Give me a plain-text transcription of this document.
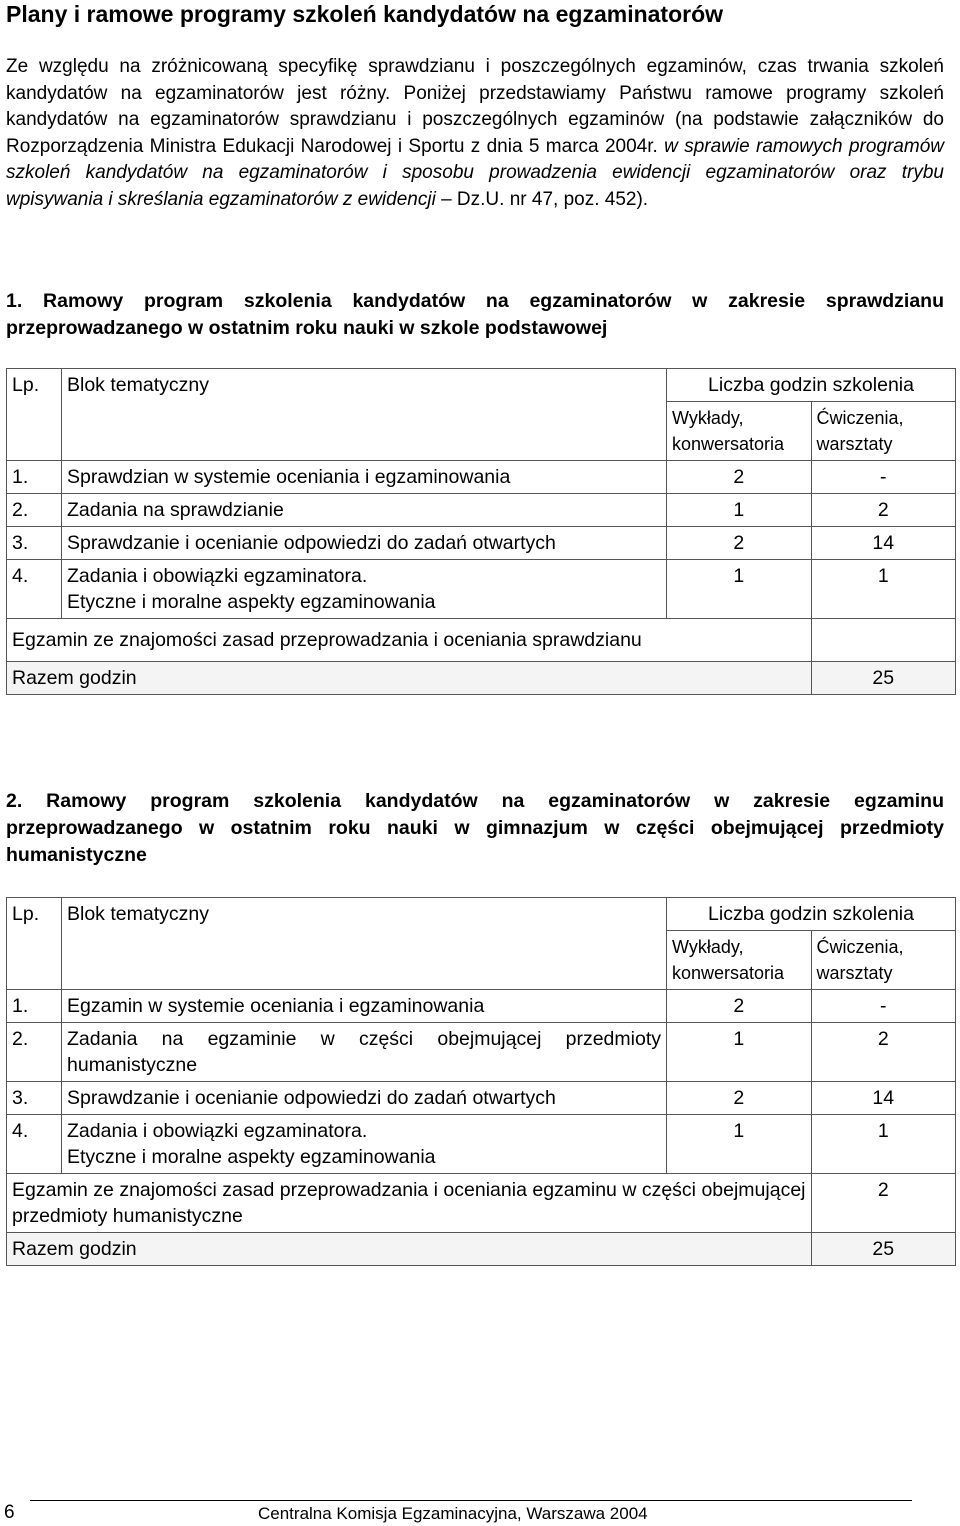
Plany i ramowe programy szkoleń kandydatów na egzaminatorów

Ze względu na zróżnicowaną specyfikę sprawdzianu i poszczególnych egzaminów, czas trwania szkoleń kandydatów na egzaminatorów jest różny. Poniżej przedstawiamy Państwu ramowe programy szkoleń kandydatów na egzaminatorów sprawdzianu i poszczególnych egzaminów (na podstawie załączników do Rozporządzenia Ministra Edukacji Narodowej i Sportu z dnia 5 marca 2004r. w sprawie ramowych programów szkoleń kandydatów na egzaminatorów i sposobu prowadzenia ewidencji egzaminatorów oraz trybu wpisywania i skreślania egzaminatorów z ewidencji – Dz.U. nr 47, poz. 452).

1. Ramowy program szkolenia kandydatów na egzaminatorów w zakresie sprawdzianu przeprowadzanego w ostatnim roku nauki w szkole podstawowej
Lp.	Blok tematyczny	Liczba godzin szkolenia	
		Wykłady, konwersatoria	Ćwiczenia, warsztaty
1.	Sprawdzian w systemie oceniania i egzaminowania	2	-
2.	Zadania na sprawdzianie	1	2
3.	Sprawdzanie i ocenianie odpowiedzi do zadań otwartych	2	14
4.	Zadania i obowiązki egzaminatora.
Etyczne i moralne aspekty egzaminowania	1	1
Egzamin ze znajomości zasad przeprowadzania i oceniania sprawdzianu			
Razem godzin			25
2. Ramowy program szkolenia kandydatów na egzaminatorów w zakresie egzaminu przeprowadzanego w ostatnim roku nauki w gimnazjum w części obejmującej przedmioty humanistyczne
Lp.	Blok tematyczny	Liczba godzin szkolenia	
		Wykłady, konwersatoria	Ćwiczenia, warsztaty
1.	Egzamin w systemie oceniania i egzaminowania	2	-
2.	Zadania na egzaminie w części obejmującej przedmioty humanistyczne	1	2
3.	Sprawdzanie i ocenianie odpowiedzi do zadań otwartych	2	14
4.	Zadania i obowiązki egzaminatora.
Etyczne i moralne aspekty egzaminowania	1	1
Egzamin ze znajomości zasad przeprowadzania i oceniania egzaminu w części obejmującej przedmioty humanistyczne			2
Razem godzin			25
6	Centralna Komisja Egzaminacyjna, Warszawa 2004
